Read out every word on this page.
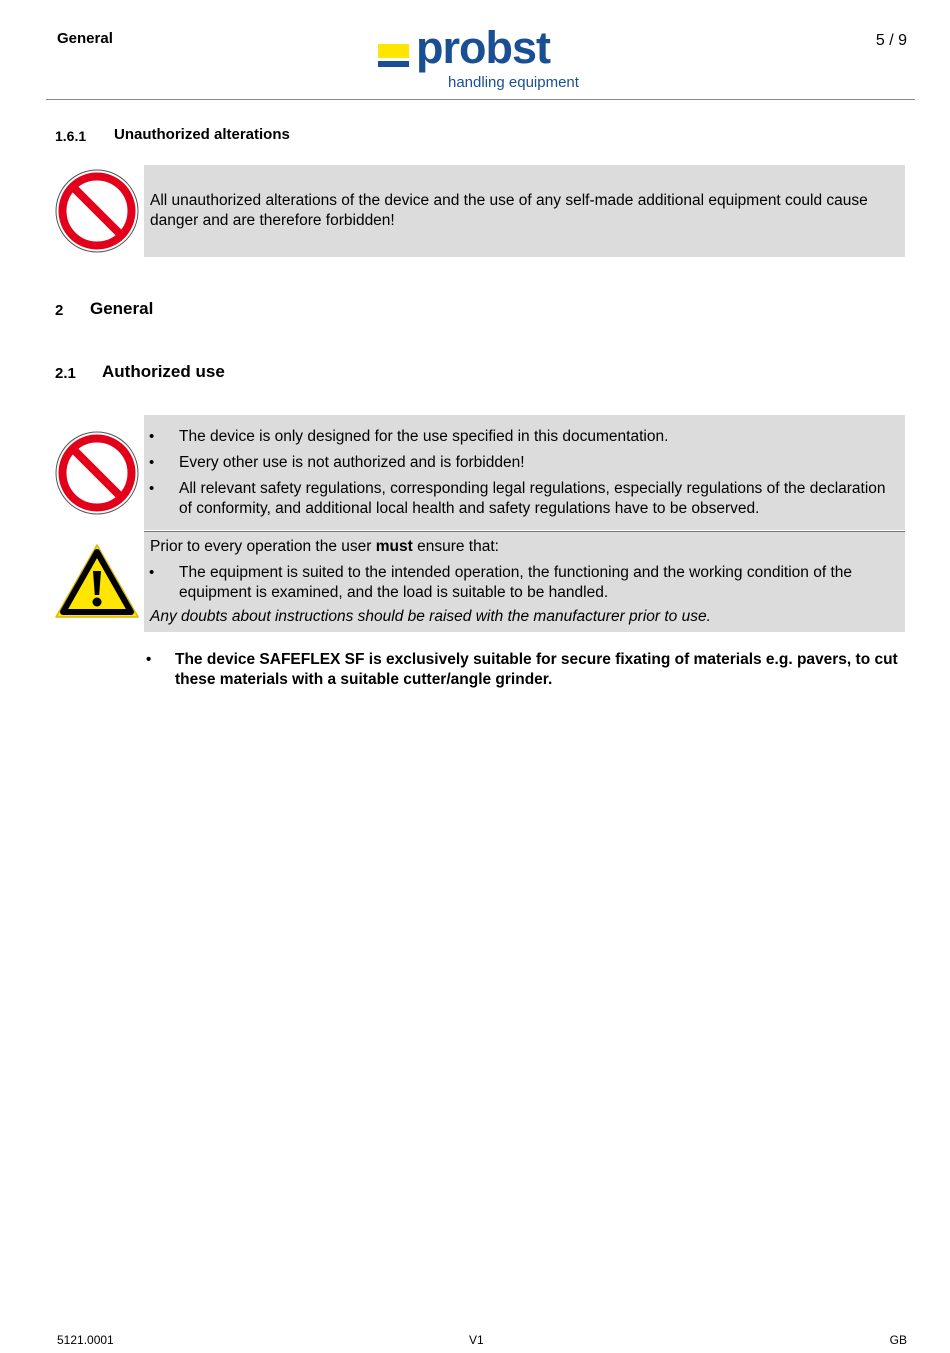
General	probst
handling equipment
5 / 9
1.6.1 Unauthorized alterations

All unauthorized alterations of the device and the use of any self-made additional equipment could cause danger and are therefore forbidden!

2 General
2.1 Authorized use
• The device is only designed for the use specified in this documentation.
• Every other use is not authorized and is forbidden!
• All relevant safety regulations, corresponding legal regulations, especially regulations of the declaration of conformity, and additional local health and safety regulations have to be observed.

Prior to every operation the user must ensure that:

• The equipment is suited to the intended operation, the functioning and the working condition of the equipment is examined, and the load is suitable to be handled.

Any doubts about instructions should be raised with the manufacturer prior to use.

• The device SAFEFLEX SF is exclusively suitable for secure fixating of materials e.g. pavers, to cut these materials with a suitable cutter/angle grinder.
5121.0001	V1	GB
